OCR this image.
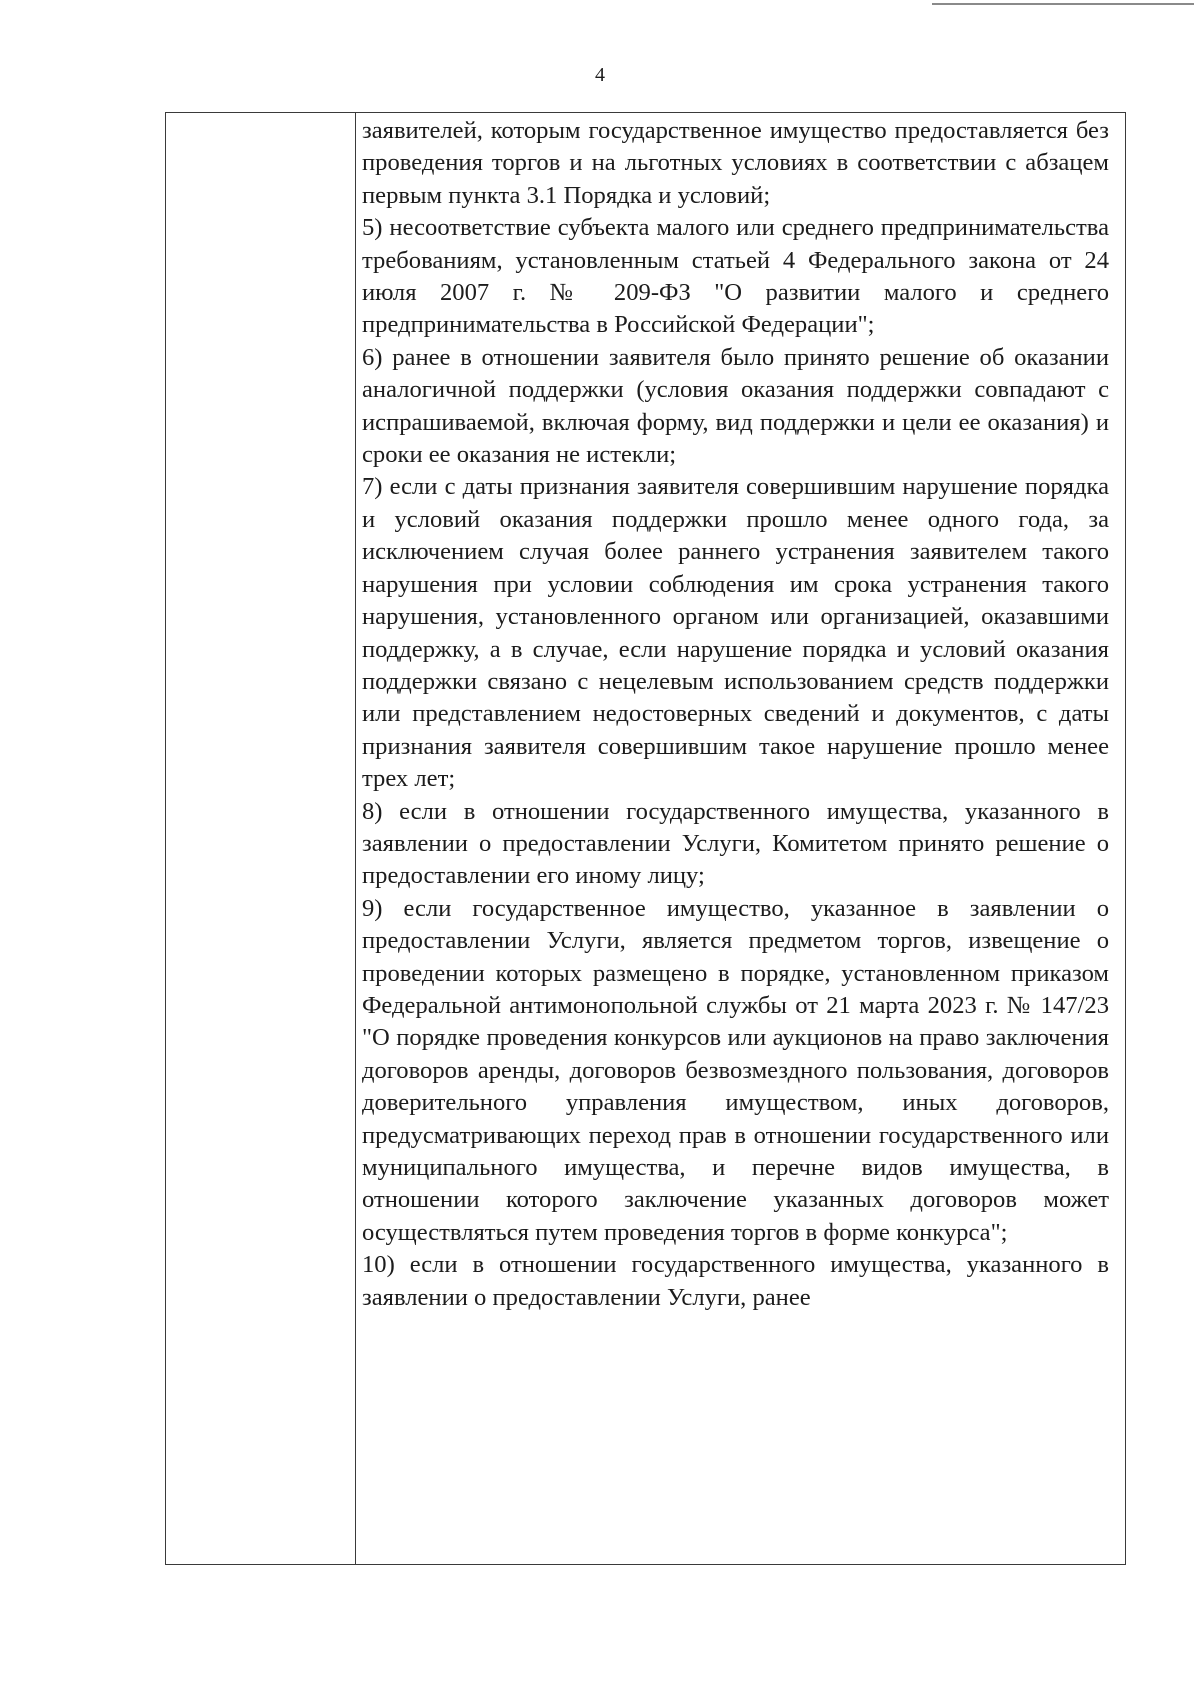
4

заявителей, которым государственное имущество предоставляется без проведения торгов и на льготных условиях в соответствии с абзацем первым пункта 3.1 Порядка и условий;

5) несоответствие субъекта малого или среднего предпринимательства требованиям, установленным статьей 4 Федерального закона от 24 июля 2007 г. № 209-ФЗ "О развитии малого и среднего предпринимательства в Российской Федерации";

6) ранее в отношении заявителя было принято решение об оказании аналогичной поддержки (условия оказания поддержки совпадают с испрашиваемой, включая форму, вид поддержки и цели ее оказания) и сроки ее оказания не истекли;

7) если с даты признания заявителя совершившим нарушение порядка и условий оказания поддержки прошло менее одного года, за исключением случая более раннего устранения заявителем такого нарушения при условии соблюдения им срока устранения такого нарушения, установленного органом или организацией, оказавшими поддержку, а в случае, если нарушение порядка и условий оказания поддержки связано с нецелевым использованием средств поддержки или представлением недостоверных сведений и документов, с даты признания заявителя совершившим такое нарушение прошло менее трех лет;

8) если в отношении государственного имущества, указанного в заявлении о предоставлении Услуги, Комитетом принято решение о предоставлении его иному лицу;

9) если государственное имущество, указанное в заявлении о предоставлении Услуги, является предметом торгов, извещение о проведении которых размещено в порядке, установленном приказом Федеральной антимонопольной службы от 21 марта 2023 г. № 147/23 "О порядке проведения конкурсов или аукционов на право заключения договоров аренды, договоров безвозмездного пользования, договоров доверительного управления имуществом, иных договоров, предусматривающих переход прав в отношении государственного или муниципального имущества, и перечне видов имущества, в отношении которого заключение указанных договоров может осуществляться путем проведения торгов в форме конкурса";

10) если в отношении государственного имущества, указанного в заявлении о предоставлении Услуги, ранее
